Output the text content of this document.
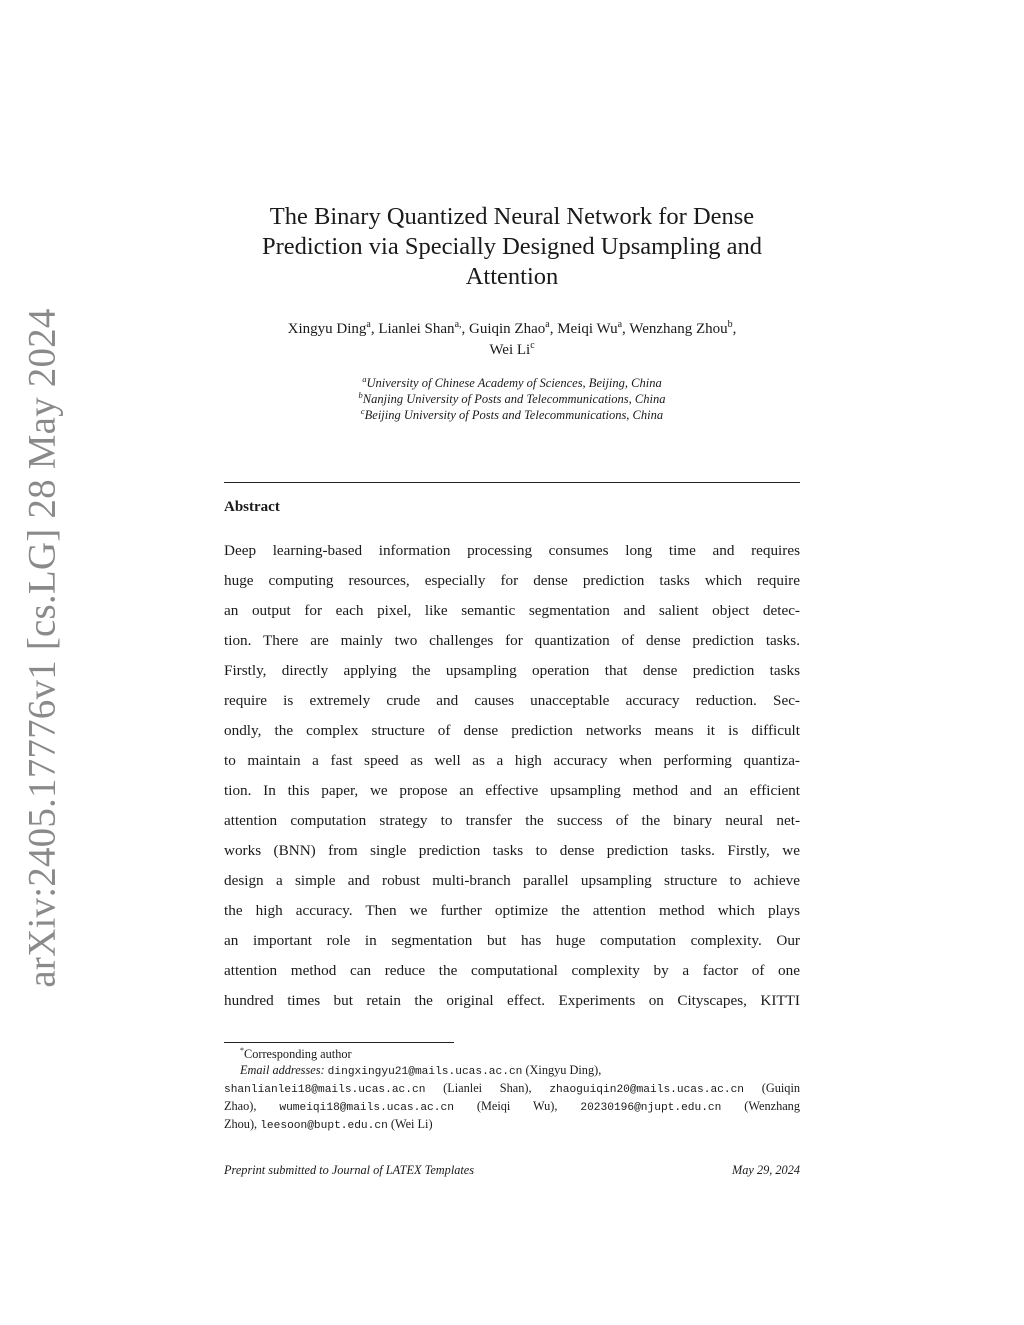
arXiv:2405.17776v1 [cs.LG] 28 May 2024
The Binary Quantized Neural Network for Dense
Prediction via Specially Designed Upsampling and
Attention
Xingyu Ding$^a$, Lianlei Shan$^{a,}$, Guiqin Zhao$^a$, Meiqi Wu$^a$, Wenzhang Zhou$^b$,
Wei Li$^c$
$^a$University of Chinese Academy of Sciences, Beijing, China
$^b$Nanjing University of Posts and Telecommunications, China
$^c$Beijing University of Posts and Telecommunications, China
Abstract
Deep learning-based information processing consumes long time and requires
huge computing resources, especially for dense prediction tasks which require
an output for each pixel, like semantic segmentation and salient object detec-
tion. There are mainly two challenges for quantization of dense prediction tasks.
Firstly, directly applying the upsampling operation that dense prediction tasks
require is extremely crude and causes unacceptable accuracy reduction. Sec-
ondly, the complex structure of dense prediction networks means it is difficult
to maintain a fast speed as well as a high accuracy when performing quantiza-
tion. In this paper, we propose an effective upsampling method and an efficient
attention computation strategy to transfer the success of the binary neural net-
works (BNN) from single prediction tasks to dense prediction tasks. Firstly, we
design a simple and robust multi-branch parallel upsampling structure to achieve
the high accuracy. Then we further optimize the attention method which plays
an important role in segmentation but has huge computation complexity. Our
attention method can reduce the computational complexity by a factor of one
hundred times but retain the original effect. Experiments on Cityscapes, KITTI
*Corresponding author
Email addresses: dingxingyu21@mails.ucas.ac.cn (Xingyu Ding),
shanlianlei18@mails.ucas.ac.cn (Lianlei Shan), zhaoguiqin20@mails.ucas.ac.cn (Guiqin
Zhao), wumeiqi18@mails.ucas.ac.cn (Meiqi Wu), 20230196@njupt.edu.cn (Wenzhang
Zhou), leesoon@bupt.edu.cn (Wei Li)
Preprint submitted to Journal of LATEX Templates	May 29, 2024
